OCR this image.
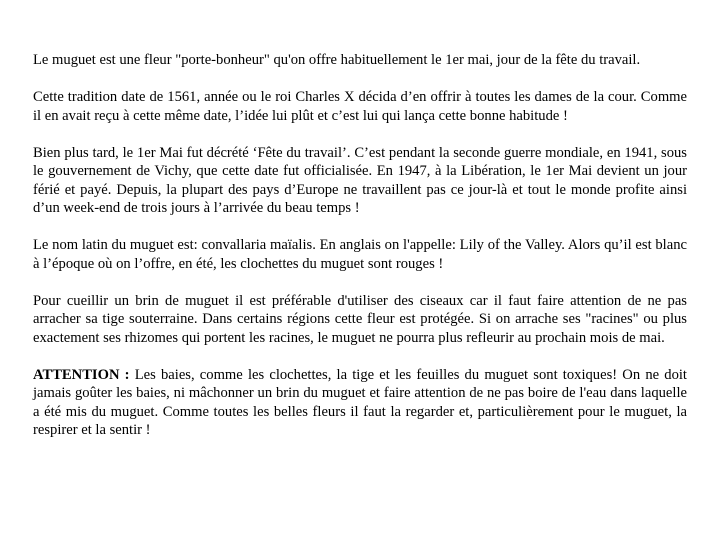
Le muguet est une fleur "porte-bonheur" qu'on offre habituellement le 1er mai, jour de la fête du travail.

Cette tradition date de 1561, année ou le roi Charles X décida d’en offrir à toutes les dames de la cour. Comme il en avait reçu à cette même date, l’idée lui plût et c’est lui qui lança cette bonne habitude !

Bien plus tard, le 1er Mai fut décrété ‘Fête du travail’. C’est pendant la seconde guerre mondiale, en 1941, sous le gouvernement de Vichy, que cette date fut officialisée. En 1947, à la Libération, le 1er Mai devient un jour férié et payé. Depuis, la plupart des pays d’Europe ne travaillent pas ce jour-là et tout le monde profite ainsi d’un week-end de trois jours à l’arrivée du beau temps !

Le nom latin du muguet est: convallaria maïalis. En anglais on l'appelle: Lily of the Valley. Alors qu’il est blanc à l’époque où on l’offre, en été, les clochettes du muguet sont rouges !

Pour cueillir un brin de muguet il est préférable d'utiliser des ciseaux car il faut faire attention de ne pas arracher sa tige souterraine. Dans certains régions cette fleur est protégée. Si on arrache ses "racines" ou plus exactement ses rhizomes qui portent les racines, le muguet ne pourra plus refleurir au prochain mois de mai.

ATTENTION : Les baies, comme les clochettes, la tige et les feuilles du muguet sont toxiques! On ne doit jamais goûter les baies, ni mâchonner un brin du muguet et faire attention de ne pas boire de l'eau dans laquelle a été mis du muguet. Comme toutes les belles fleurs il faut la regarder et, particulièrement pour le muguet, la respirer et la sentir !
